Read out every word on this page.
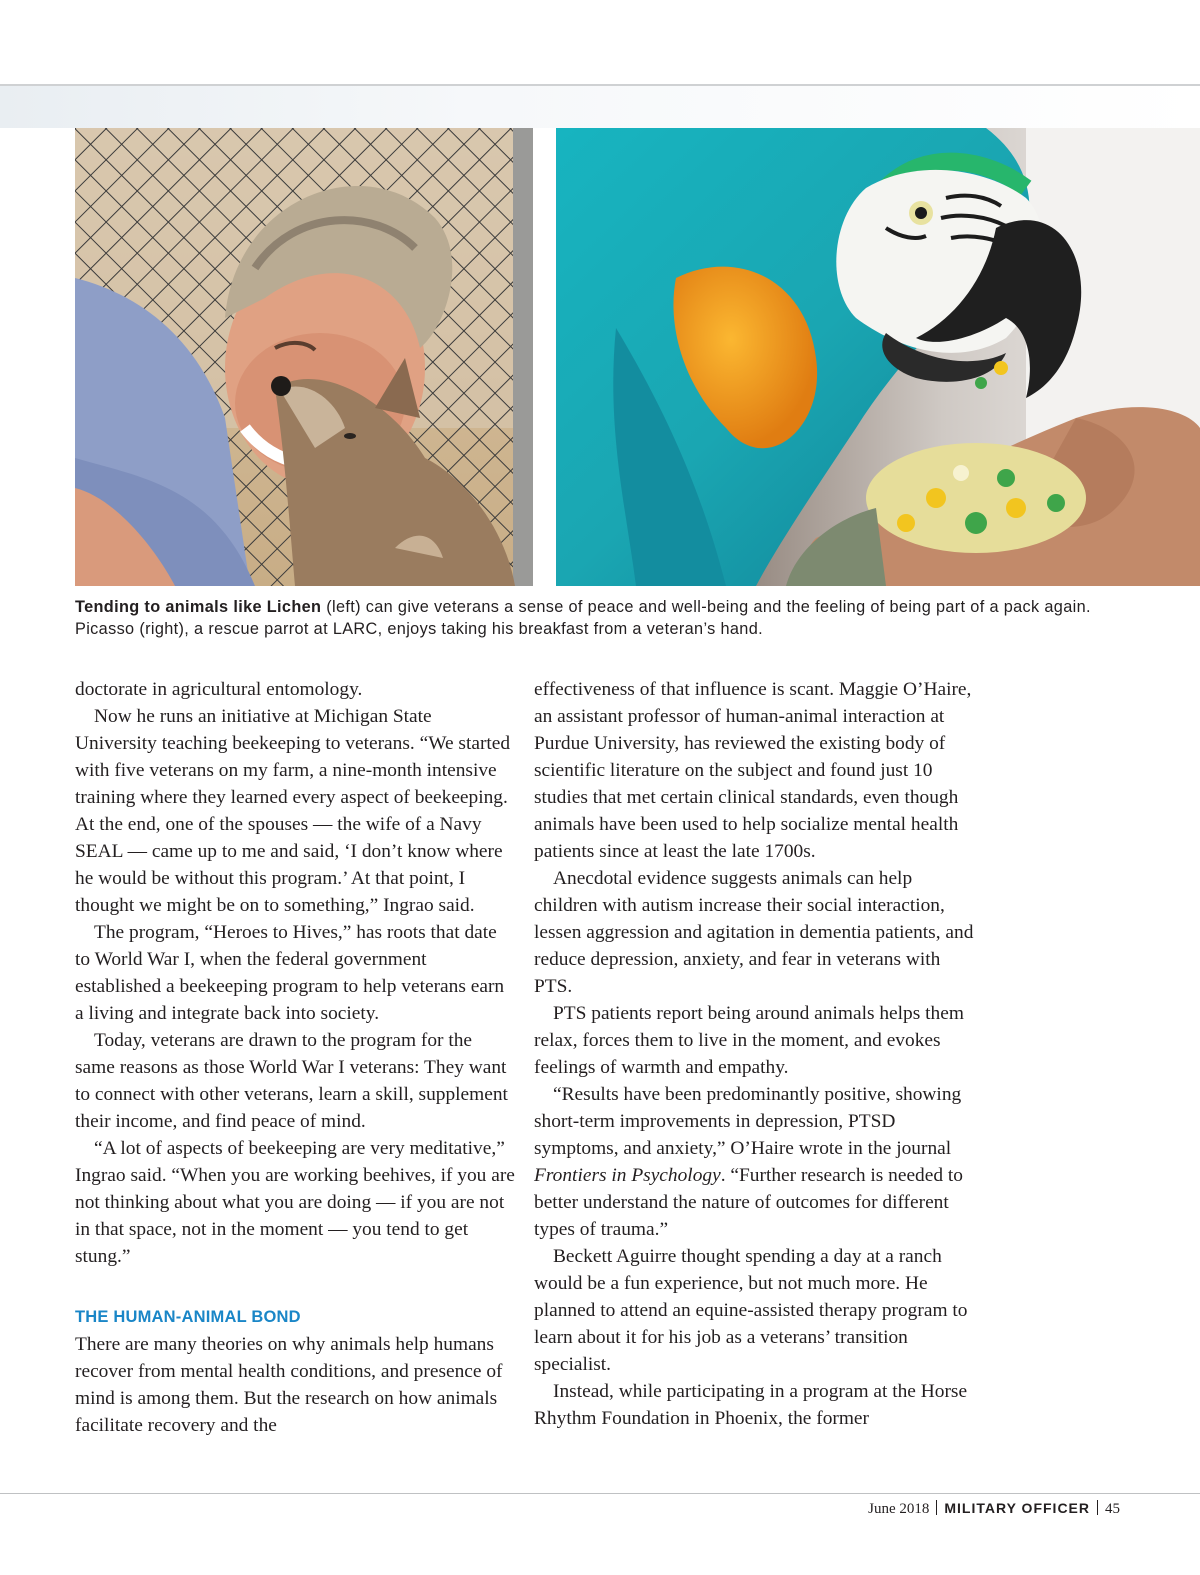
Tending to animals like Lichen (left) can give veterans a sense of peace and well-being and the feeling of being part of a pack again. Picasso (right), a rescue parrot at LARC, enjoys taking his breakfast from a veteran’s hand.

doctorate in agricultural entomology.

Now he runs an initiative at Michigan State University teaching beekeeping to veterans. “We started with five veterans on my farm, a nine-month intensive training where they learned every aspect of beekeeping. At the end, one of the spouses — the wife of a Navy SEAL — came up to me and said, ‘I don’t know where he would be without this program.’ At that point, I thought we might be on to something,” Ingrao said.

The program, “Heroes to Hives,” has roots that date to World War I, when the federal government established a beekeeping program to help veterans earn a living and integrate back into society.

Today, veterans are drawn to the program for the same reasons as those World War I veterans: They want to connect with other veterans, learn a skill, supplement their income, and find peace of mind.

“A lot of aspects of beekeeping are very meditative,” Ingrao said. “When you are working beehives, if you are not thinking about what you are doing — if you are not in that space, not in the moment — you tend to get stung.”

THE HUMAN-ANIMAL BOND

There are many theories on why animals help humans recover from mental health conditions, and presence of mind is among them. But the research on how animals facilitate recovery and the

effectiveness of that influence is scant. Maggie O’Haire, an assistant professor of human-animal interaction at Purdue University, has reviewed the existing body of scientific literature on the subject and found just 10 studies that met certain clinical standards, even though animals have been used to help socialize mental health patients since at least the late 1700s.

Anecdotal evidence suggests animals can help children with autism increase their social interaction, lessen aggression and agitation in dementia patients, and reduce depression, anxiety, and fear in veterans with PTS.

PTS patients report being around animals helps them relax, forces them to live in the moment, and evokes feelings of warmth and empathy.

“Results have been predominantly positive, showing short-term improvements in depression, PTSD symptoms, and anxiety,” O’Haire wrote in the journal Frontiers in Psychology. “Further research is needed to better understand the nature of outcomes for different types of trauma.”

Beckett Aguirre thought spending a day at a ranch would be a fun experience, but not much more. He planned to attend an equine-assisted therapy program to learn about it for his job as a veterans’ transition specialist.

Instead, while participating in a program at the Horse Rhythm Foundation in Phoenix, the former

June 2018 MILITARY OFFICER 45
